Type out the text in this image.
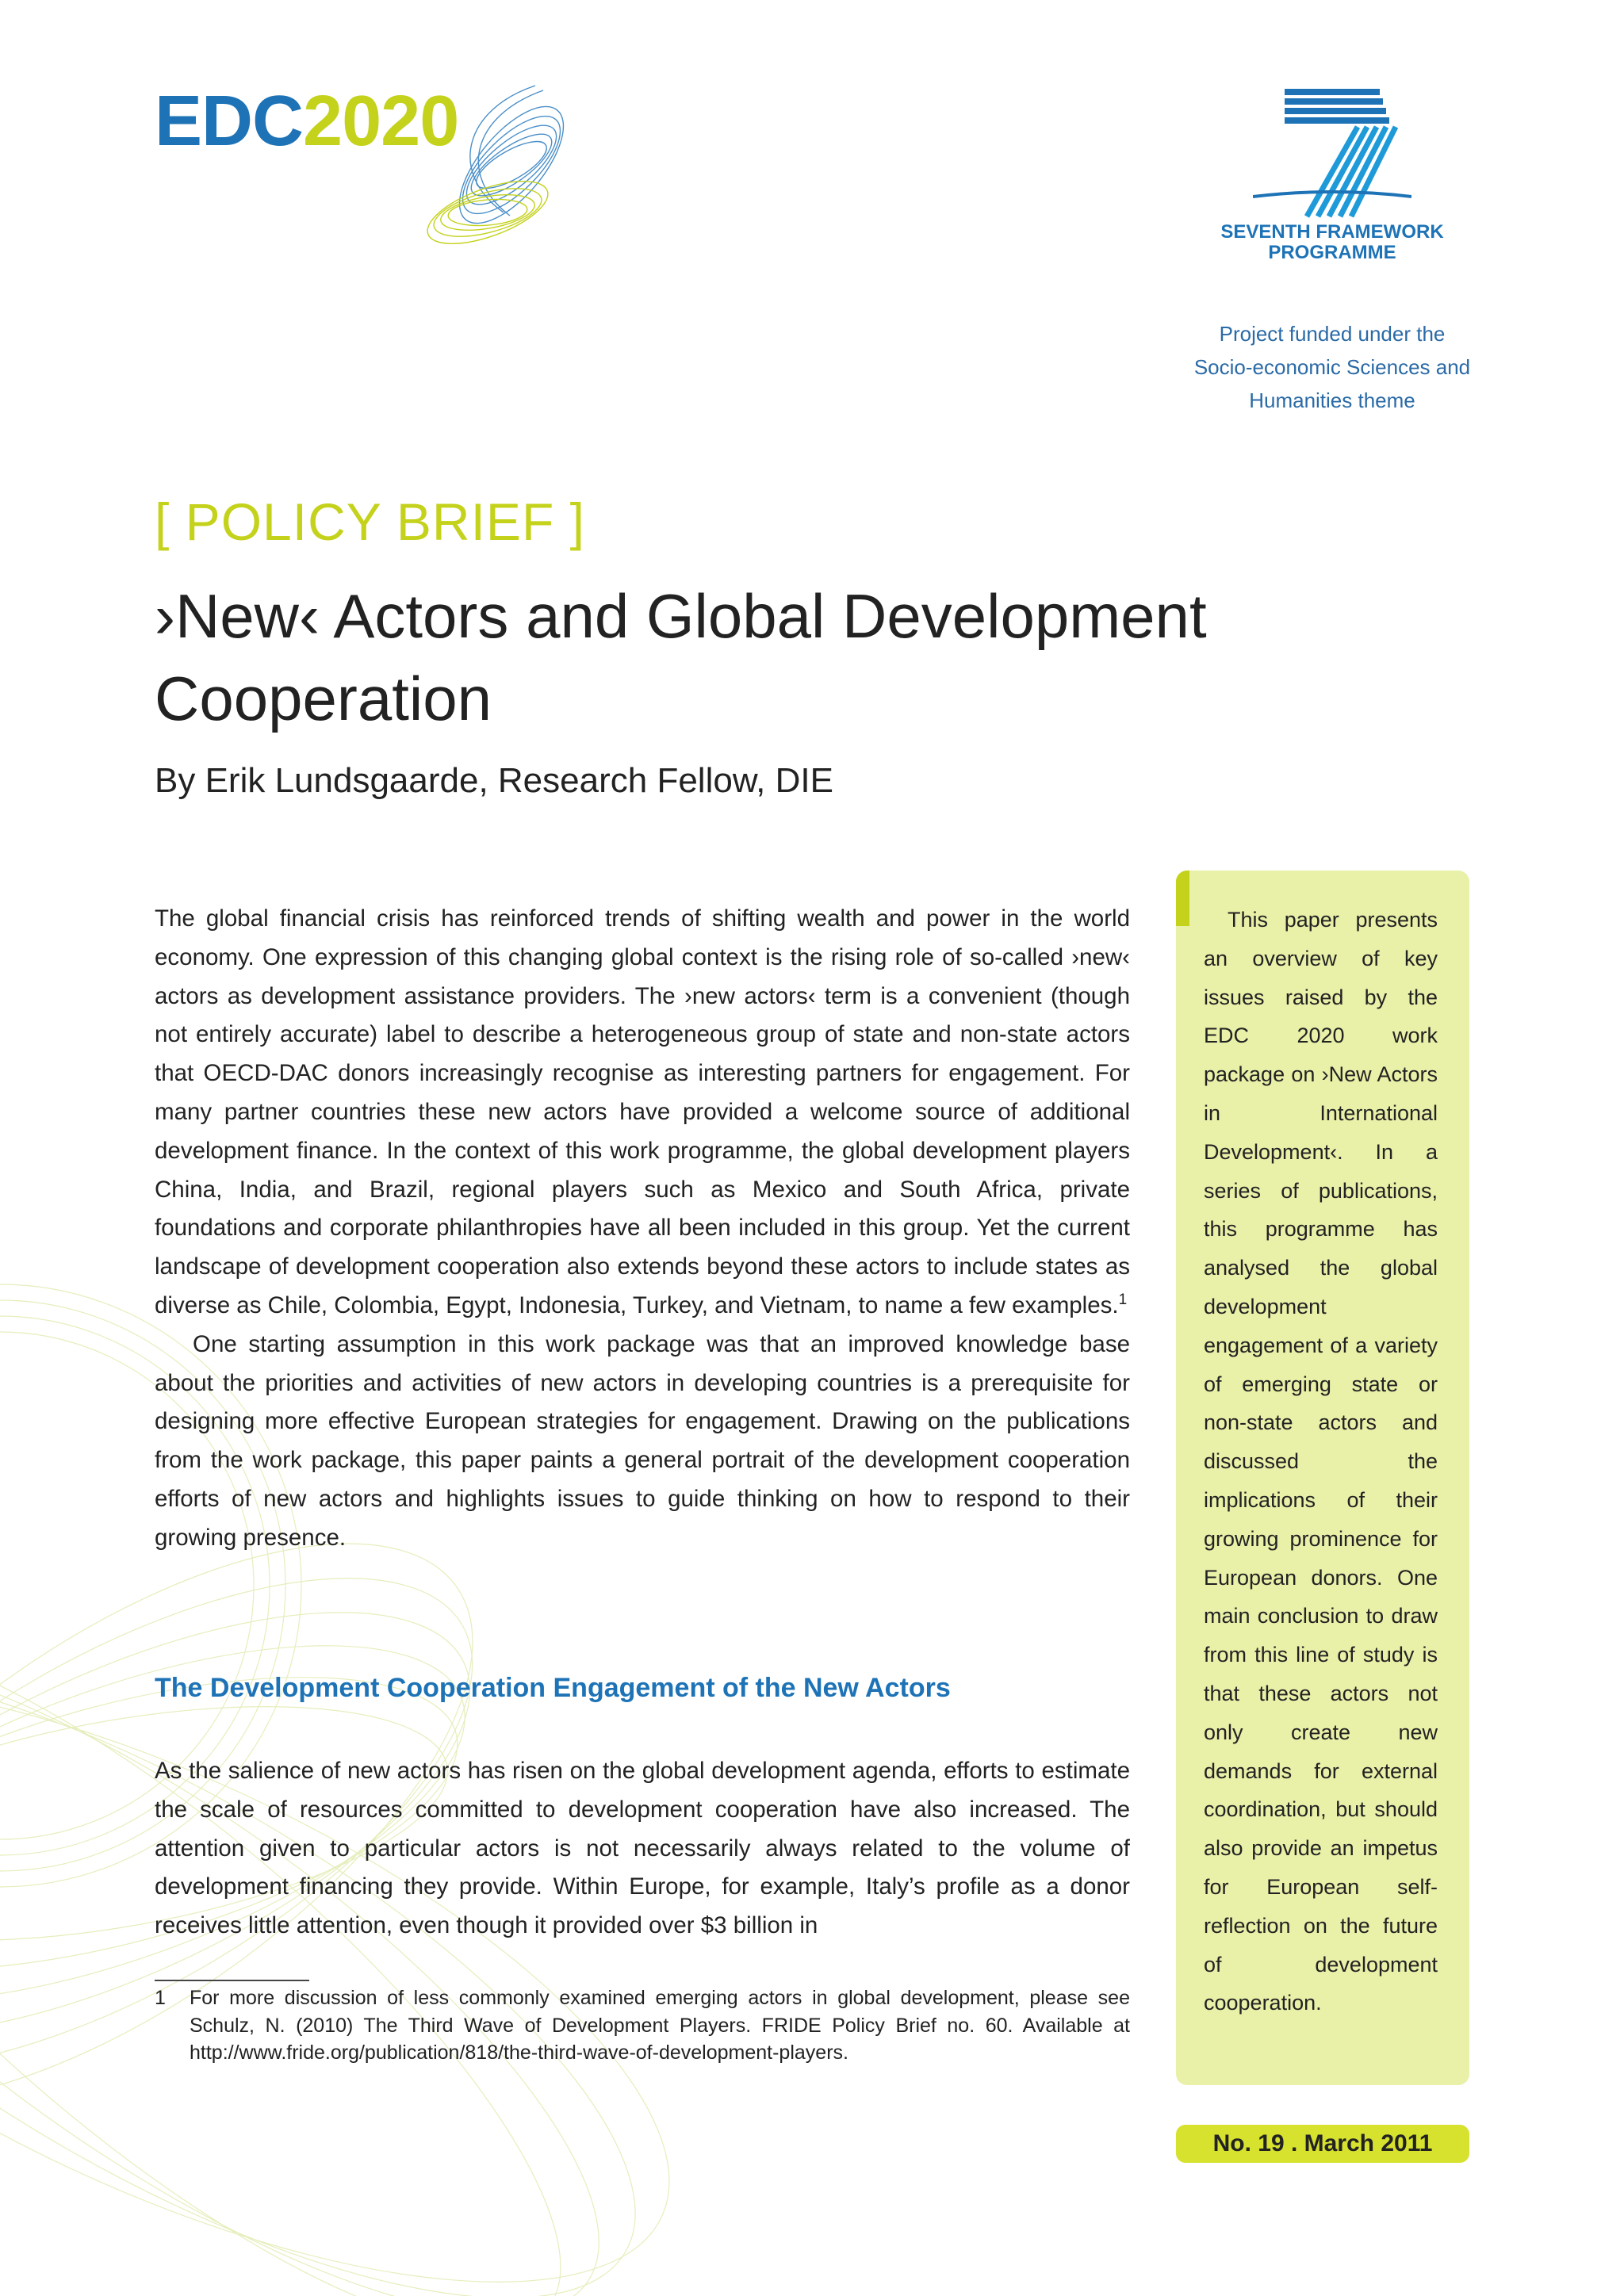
EDC2020
SEVENTH FRAMEWORK
PROGRAMME
Project funded under the
Socio-economic Sciences and
Humanities theme
[ POLICY BRIEF ]
›New‹ Actors and Global Development Cooperation
By Erik Lundsgaarde, Research Fellow, DIE

The global financial crisis has reinforced trends of shifting wealth and power in the world economy. One expression of this changing global context is the rising role of so-called ›new‹ actors as development assistance providers. The ›new actors‹ term is a convenient (though not entirely accurate) label to describe a heterogeneous group of state and non-state actors that OECD-DAC donors increasingly recognise as interesting partners for engagement. For many partner countries these new actors have provided a welcome source of additional development finance. In the context of this work programme, the global development players China, India, and Brazil, regional players such as Mexico and South Africa, private foundations and corporate philanthropies have all been included in this group. Yet the current landscape of development cooperation also extends beyond these actors to include states as diverse as Chile, Colombia, Egypt, Indonesia, Turkey, and Vietnam, to name a few examples.$^1$

One starting assumption in this work package was that an improved knowledge base about the priorities and activities of new actors in developing countries is a prerequisite for designing more effective European strategies for engagement. Drawing on the publications from the work package, this paper paints a general portrait of the development cooperation efforts of new actors and highlights issues to guide thinking on how to respond to their growing presence.

The Development Cooperation Engagement of the New Actors

As the salience of new actors has risen on the global development agenda, efforts to estimate the scale of resources committed to development cooperation have also increased. The attention given to particular actors is not necessarily always related to the volume of development financing they provide. Within Europe, for example, Italy’s profile as a donor receives little attention, even though it provided over $3 billion in

1 For more discussion of less commonly examined emerging actors in global development, please see Schulz, N. (2010) The Third Wave of Development Players. FRIDE Policy Brief no. 60. Available at http://www.fride.org/publication/818/the-third-wave-of-development-players.
This paper presents an overview of key issues raised by the EDC 2020 work package on ›New Actors in International Development‹. In a series of publications, this programme has analysed the global development engagement of a variety of emerging state or non-state actors and discussed the implications of their growing prominence for European donors. One main conclusion to draw from this line of study is that these actors not only create new demands for external coordination, but should also provide an impetus for European self-reflection on the future of development cooperation.
No. 19 . March 2011
